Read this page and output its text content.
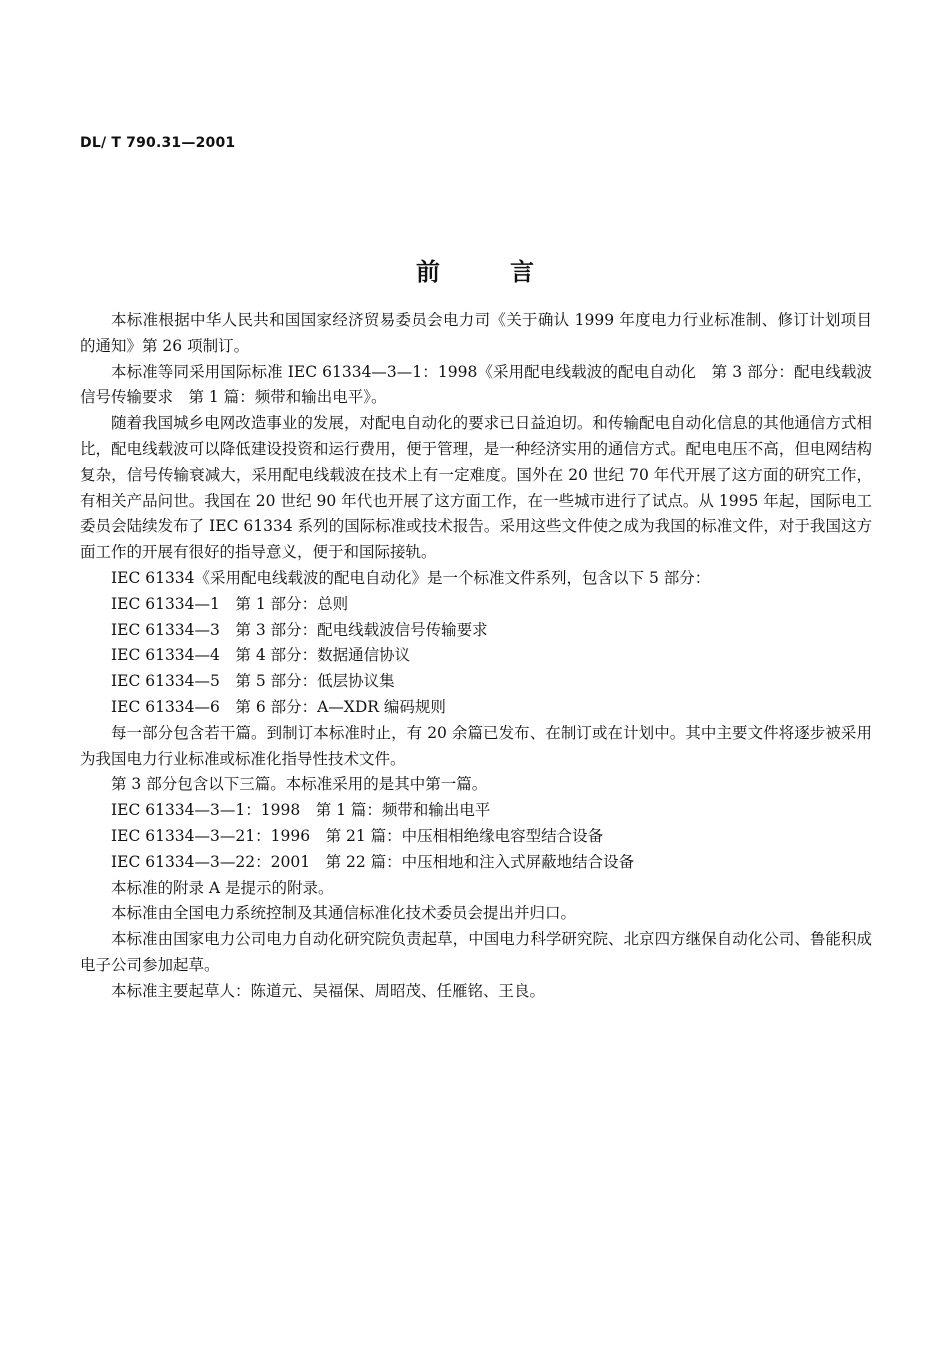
DL/ T 790.31—2001
前言

本标准根据中华人民共和国国家经济贸易委员会电力司《关于确认 1999 年度电力行业标准制、修订计划项目的通知》第 26 项制订。

本标准等同采用国际标准 IEC 61334—3—1：1998《采用配电线载波的配电自动化　第 3 部分：配电线载波信号传输要求　第 1 篇：频带和输出电平》。

随着我国城乡电网改造事业的发展，对配电自动化的要求已日益迫切。和传输配电自动化信息的其他通信方式相比，配电线载波可以降低建设投资和运行费用，便于管理，是一种经济实用的通信方式。配电电压不高，但电网结构复杂，信号传输衰减大，采用配电线载波在技术上有一定难度。国外在 20 世纪 70 年代开展了这方面的研究工作，有相关产品问世。我国在 20 世纪 90 年代也开展了这方面工作，在一些城市进行了试点。从 1995 年起，国际电工委员会陆续发布了 IEC 61334 系列的国际标准或技术报告。采用这些文件使之成为我国的标准文件，对于我国这方面工作的开展有很好的指导意义，便于和国际接轨。

IEC 61334《采用配电线载波的配电自动化》是一个标准文件系列，包含以下 5 部分：

IEC 61334—1　第 1 部分：总则

IEC 61334—3　第 3 部分：配电线载波信号传输要求

IEC 61334—4　第 4 部分：数据通信协议

IEC 61334—5　第 5 部分：低层协议集

IEC 61334—6　第 6 部分：A—XDR 编码规则

每一部分包含若干篇。到制订本标准时止，有 20 余篇已发布、在制订或在计划中。其中主要文件将逐步被采用为我国电力行业标准或标准化指导性技术文件。

第 3 部分包含以下三篇。本标准采用的是其中第一篇。

IEC 61334—3—1：1998　第 1 篇：频带和输出电平

IEC 61334—3—21：1996　第 21 篇：中压相相绝缘电容型结合设备

IEC 61334—3—22：2001　第 22 篇：中压相地和注入式屏蔽地结合设备

本标准的附录 A 是提示的附录。

本标准由全国电力系统控制及其通信标准化技术委员会提出并归口。

本标准由国家电力公司电力自动化研究院负责起草，中国电力科学研究院、北京四方继保自动化公司、鲁能积成电子公司参加起草。

本标准主要起草人：陈道元、吴福保、周昭茂、任雁铭、王良。
